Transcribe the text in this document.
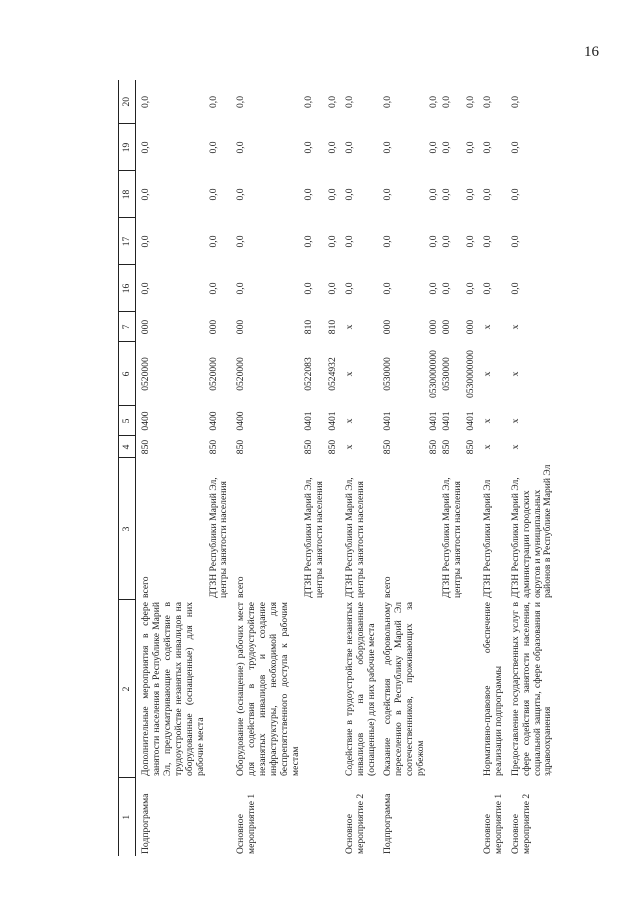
16
1	2	3	4	5	6	7	16	17	18	19	20
Подпрограмма	Дополнительные мероприятия в сфере занятости населения в Республике Марий Эл, предусматривающие содействие в трудоустройстве незанятых инвалидов на оборудованные (оснащенные) для них рабочие места	всего	850	0400	0520000	000	0,0	0,0	0,0	0,0	0,0
		ДТЗН Республики Марий Эл, центры занятости населения	850	0400	0520000	000	0,0	0,0	0,0	0,0	0,0
Основное мероприятие 1	Оборудование (оснащение) рабочих мест для содействия в трудоустройстве незанятых инвалидов и создание инфраструктуры, необходимой для беспрепятственного доступа к рабочим местам	всего	850	0400	0520000	000	0,0	0,0	0,0	0,0	0,0
		ДТЗН Республики Марий Эл, центры занятости населения	850	0401	0522083	810	0,0	0,0	0,0	0,0	0,0
			850	0401	0524932	810	0,0	0,0	0,0	0,0	0,0
Основное мероприятие 2	Содействие в трудоустройстве незанятых инвалидов на оборудованные (оснащенные) для них рабочие места	ДТЗН Республики Марий Эл, центры занятости населения	x	x	x	x	0,0	0,0	0,0	0,0	0,0
Подпрограмма	Оказание содействия добровольному переселению в Республику Марий Эл соотечественников, проживающих за рубежом	всего	850	0401	0530000	000	0,0	0,0	0,0	0,0	0,0
			850	0401	0530000000	000	0,0	0,0	0,0	0,0	0,0
		ДТЗН Республики Марий Эл, центры занятости населения	850	0401	0530000	000	0,0	0,0	0,0	0,0	0,0
			850	0401	0530000000	000	0,0	0,0	0,0	0,0	0,0
Основное мероприятие 1	Нормативно-правовое обеспечение реализации подпрограммы	ДТЗН Республики Марий Эл	x	x	x	x	0,0	0,0	0,0	0,0	0,0
Основное мероприятие 2	Предоставление государственных услуг в сфере содействия занятости населения, социальной защиты, сфере образования и здравоохранения	ДТЗН Республики Марий Эл, администрации городских округов и муниципальных районов в Республике Марий Эл	x	x	x	x	0,0	0,0	0,0	0,0	0,0
